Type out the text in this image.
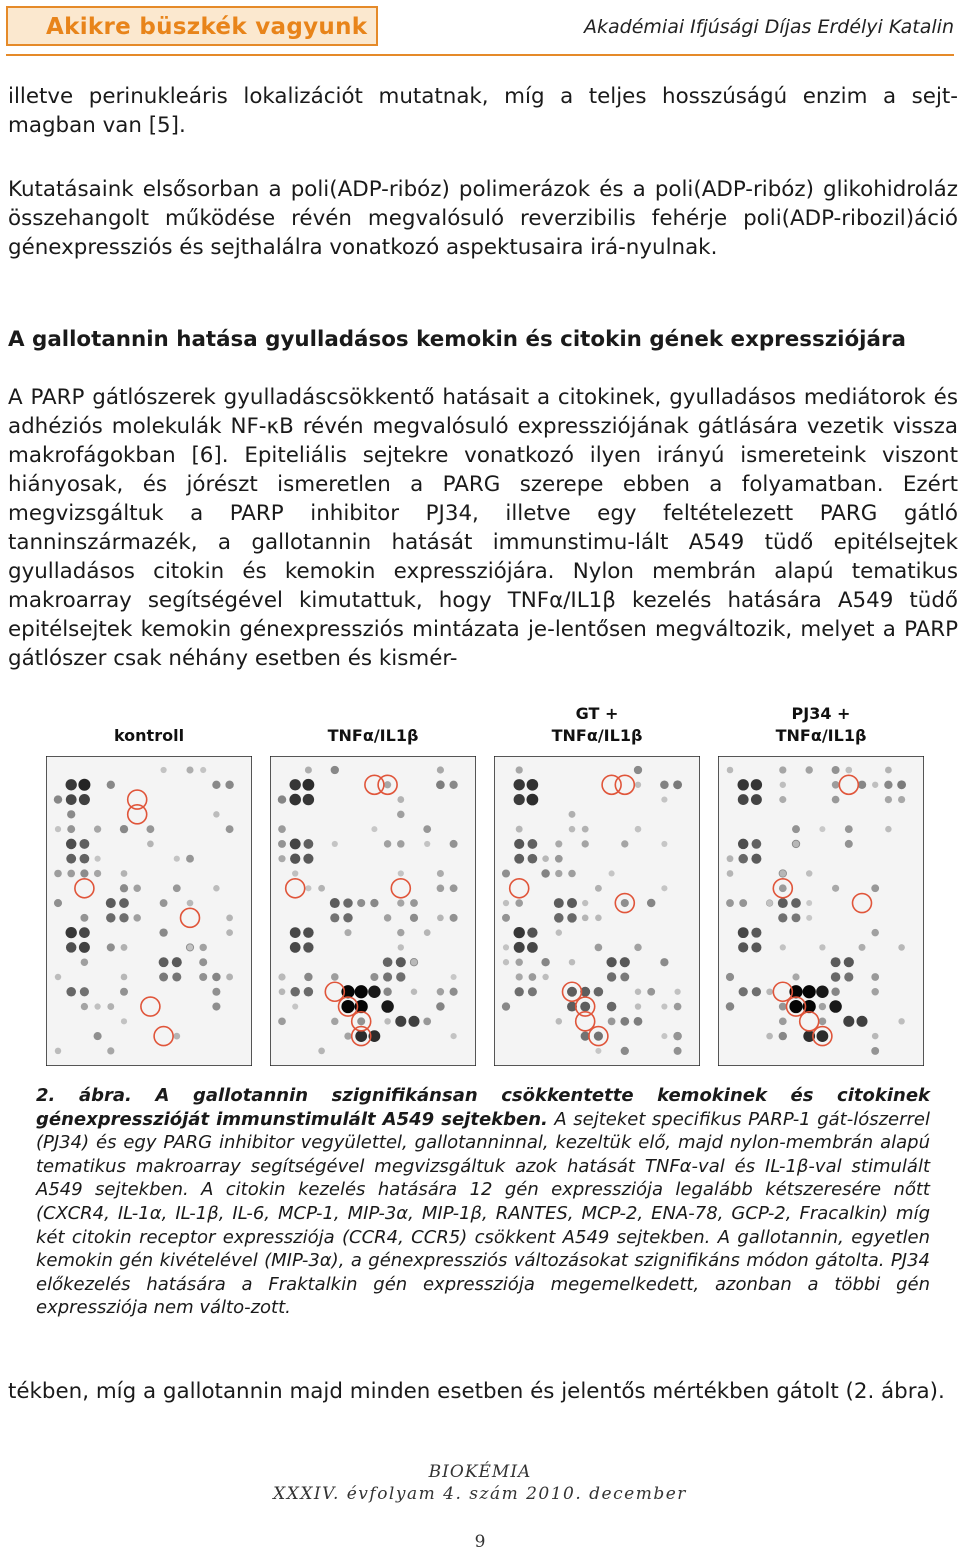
Akikre büszkék vagyunk	Akadémiai Ifjúsági Díjas Erdélyi Katalin

illetve perinukleáris lokalizációt mutatnak, míg a teljes hosszúságú enzim a sejt-magban van [5].

Kutatásaink elsősorban a poli(ADP-ribóz) polimerázok és a poli(ADP-ribóz) glikohidroláz összehangolt működése révén megvalósuló reverzibilis fehérje poli(ADP-ribozil)áció génexpressziós és sejthalálra vonatkozó aspektusaira irá-nyulnak.

A gallotannin hatása gyulladásos kemokin és citokin gének expressziójára

A PARP gátlószerek gyulladáscsökkentő hatásait a citokinek, gyulladásos mediátorok és adhéziós molekulák NF-κB révén megvalósuló expressziójának gátlására vezetik vissza makrofágokban [6]. Epiteliális sejtekre vonatkozó ilyen irányú ismereteink viszont hiányosak, és jórészt ismeretlen a PARG szerepe ebben a folyamatban. Ezért megvizsgáltuk a PARP inhibitor PJ34, illetve egy feltételezett PARG gátló tanninszármazék, a gallotannin hatását immunstimu-lált A549 tüdő epitélsejtek gyulladásos citokin és kemokin expressziójára. Nylon membrán alapú tematikus makroarray segítségével kimutattuk, hogy TNFα/IL1β kezelés hatására A549 tüdő epitélsejtek kemokin génexpressziós mintázata je-lentősen megváltozik, melyet a PARP gátlószer csak néhány esetben és kismér-

kontroll	TNFα/IL1β
GT +
TNFα/IL1β
PJ34 +
TNFα/IL1β

2. ábra. A gallotannin szignifikánsan csökkentette kemokinek és citokinek génexpresszióját immunstimulált A549 sejtekben. A sejteket specifikus PARP-1 gát-lószerrel (PJ34) és egy PARG inhibitor vegyülettel, gallotanninnal, kezeltük elő, majd nylon-membrán alapú tematikus makroarray segítségével megvizsgáltuk azok hatását TNFα-val és IL-1β-val stimulált A549 sejtekben. A citokin kezelés hatására 12 gén expressziója legalább kétszeresére nőtt (CXCR4, IL-1α, IL-1β, IL-6, MCP-1, MIP-3α, MIP-1β, RANTES, MCP-2, ENA-78, GCP-2, Fracalkin) míg két citokin receptor expressziója (CCR4, CCR5) csökkent A549 sejtekben. A gallotannin, egyetlen kemokin gén kivételével (MIP-3α), a génexpressziós változásokat szignifikáns módon gátolta. PJ34 előkezelés hatására a Fraktalkin gén expressziója megemelkedett, azonban a többi gén expressziója nem válto-zott.

tékben, míg a gallotannin majd minden esetben és jelentős mértékben gátolt (2. ábra).

BIOKÉMIA
XXXIV. évfolyam 4. szám 2010. december
9
